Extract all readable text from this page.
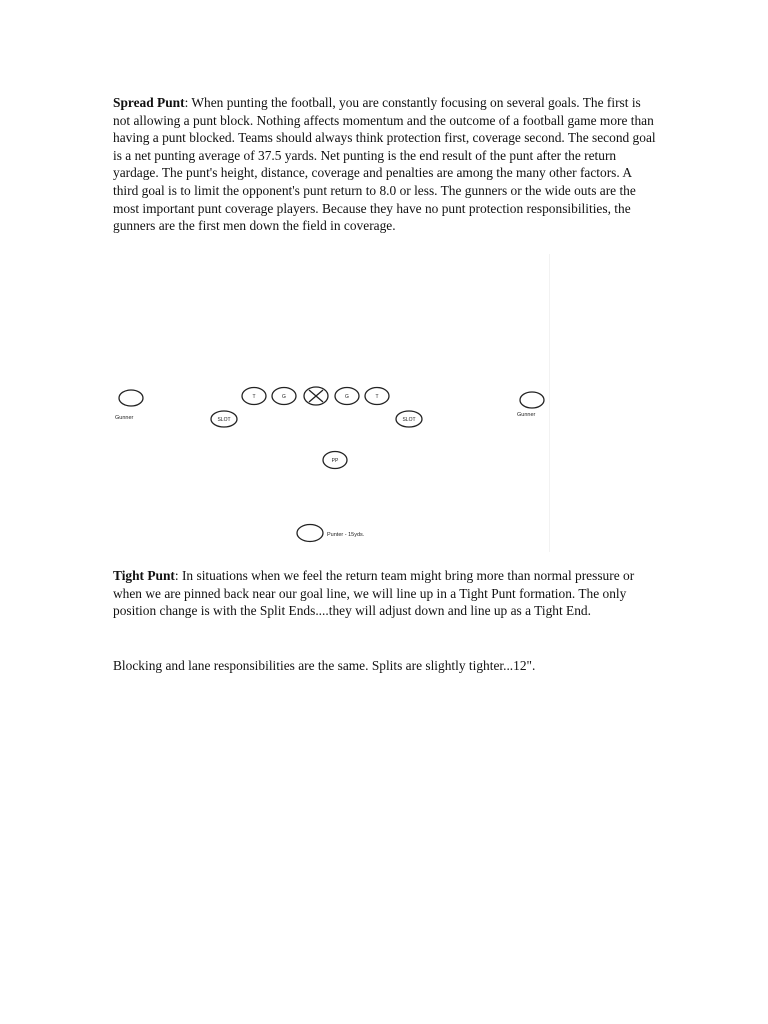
Spread Punt: When punting the football, you are constantly focusing on several goals. The first is not allowing a punt block. Nothing affects momentum and the outcome of a football game more than having a punt blocked. Teams should always think protection first, coverage second. The second goal is a net punting average of 37.5 yards. Net punting is the end result of the punt after the return yardage. The punt's height, distance, coverage and penalties are among the many other factors. A third goal is to limit the opponent's punt return to 8.0 or less. The gunners or the wide outs are the most important punt coverage players. Because they have no punt protection responsibilities, the gunners are the first men down the field in coverage.

Gunner
T	G	G	T
SLOT	SLOT
Gunner
PP
Punter - 15yds.

Tight Punt: In situations when we feel the return team might bring more than normal pressure or when we are pinned back near our goal line, we will line up in a Tight Punt formation. The only position change is with the Split Ends....they will adjust down and line up as a Tight End.

Blocking and lane responsibilities are the same. Splits are slightly tighter...12".
